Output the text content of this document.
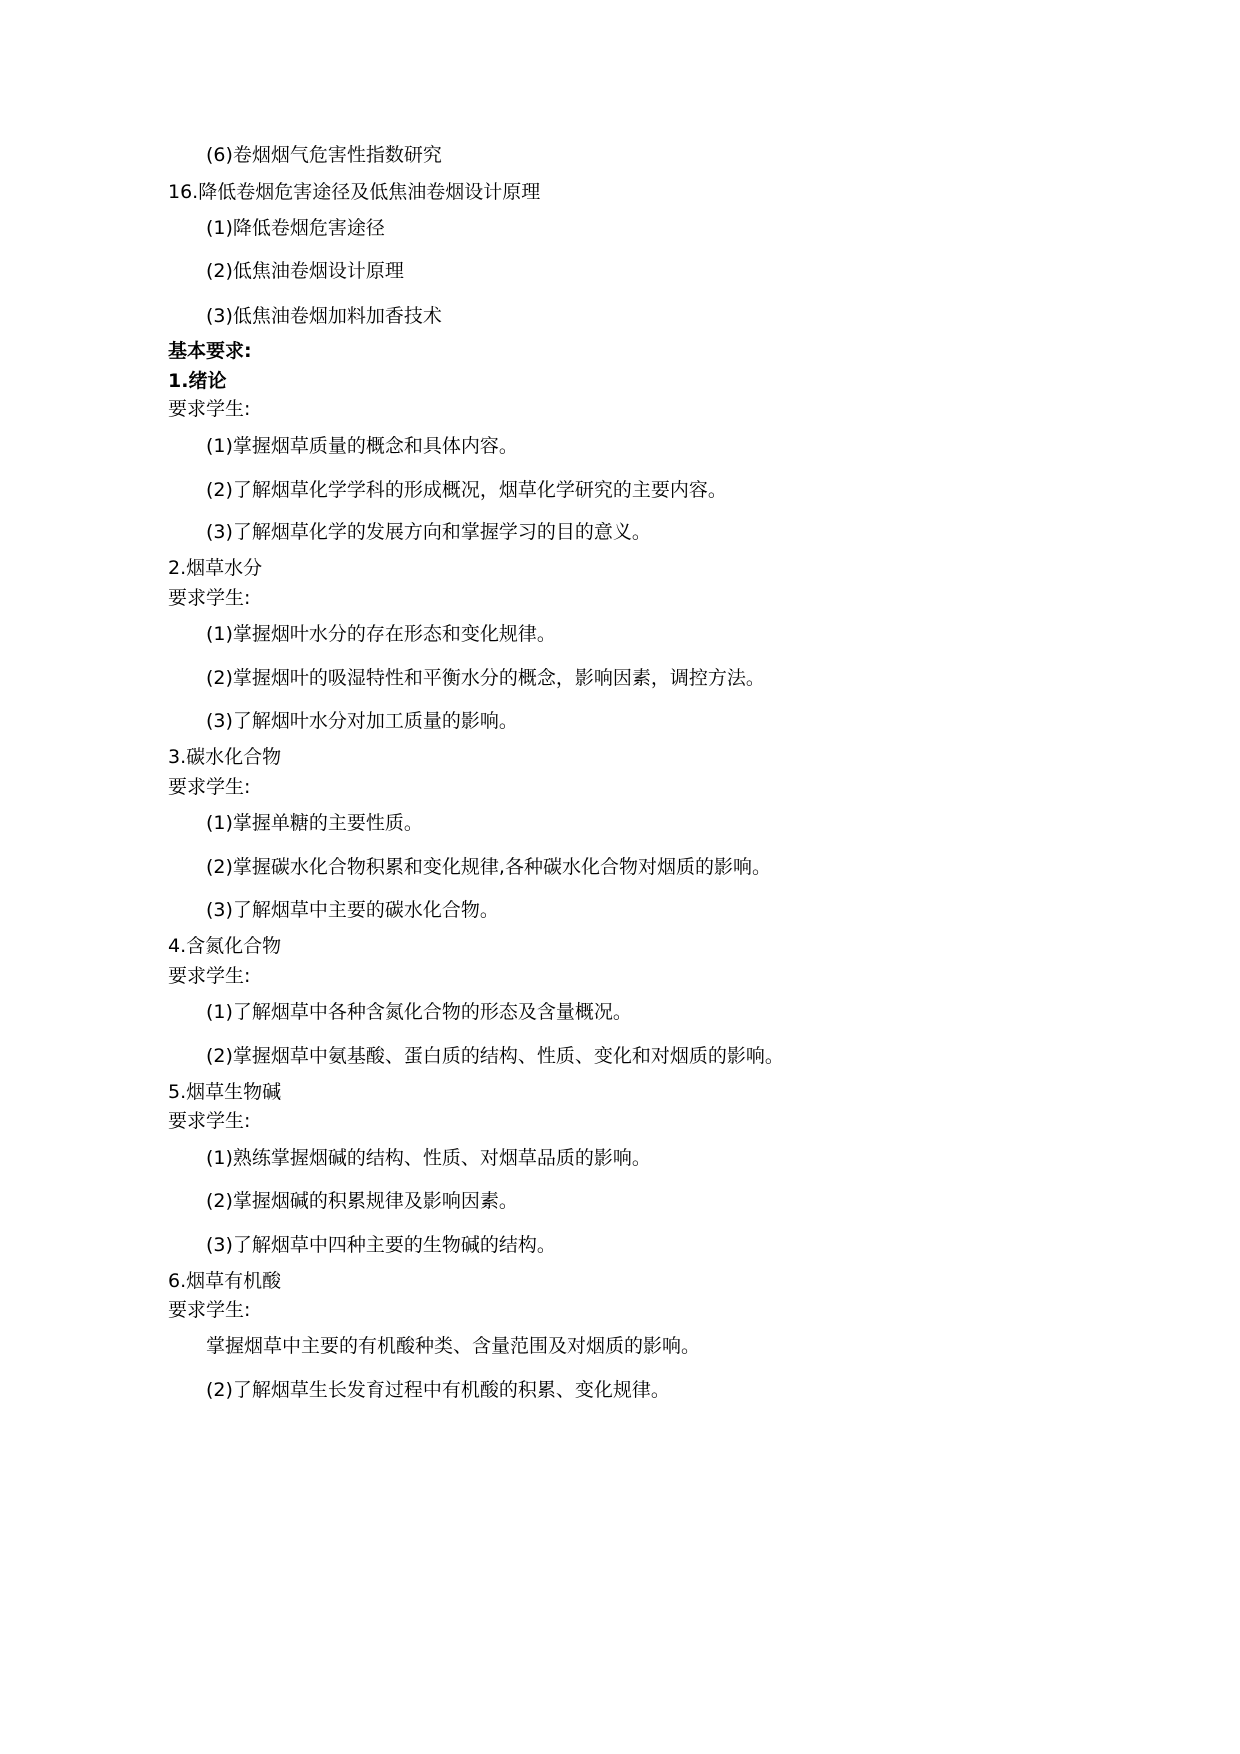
(6)卷烟烟气危害性指数研究
16.降低卷烟危害途径及低焦油卷烟设计原理
(1)降低卷烟危害途径
(2)低焦油卷烟设计原理
(3)低焦油卷烟加料加香技术
基本要求:
1.绪论
要求学生:
(1)掌握烟草质量的概念和具体内容。
(2)了解烟草化学学科的形成概况，烟草化学研究的主要内容。
(3)了解烟草化学的发展方向和掌握学习的目的意义。
2.烟草水分
要求学生:
(1)掌握烟叶水分的存在形态和变化规律。
(2)掌握烟叶的吸湿特性和平衡水分的概念，影响因素，调控方法。
(3)了解烟叶水分对加工质量的影响。
3.碳水化合物
要求学生:
(1)掌握单糖的主要性质。
(2)掌握碳水化合物积累和变化规律,各种碳水化合物对烟质的影响。
(3)了解烟草中主要的碳水化合物。
4.含氮化合物
要求学生:
(1)了解烟草中各种含氮化合物的形态及含量概况。
(2)掌握烟草中氨基酸、蛋白质的结构、性质、变化和对烟质的影响。
5.烟草生物碱
要求学生:
(1)熟练掌握烟碱的结构、性质、对烟草品质的影响。
(2)掌握烟碱的积累规律及影响因素。
(3)了解烟草中四种主要的生物碱的结构。
6.烟草有机酸
要求学生:
掌握烟草中主要的有机酸种类、含量范围及对烟质的影响。
(2)了解烟草生长发育过程中有机酸的积累、变化规律。
